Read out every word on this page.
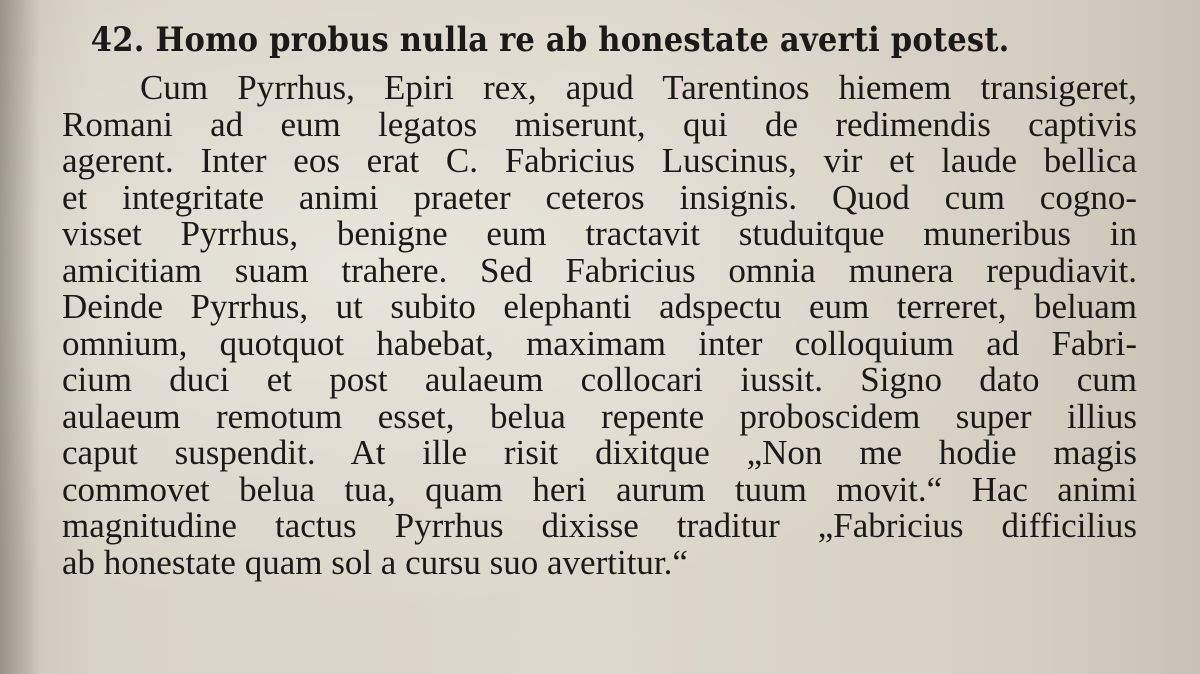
42. Homo probus nulla re ab honestate averti potest.
Cum Pyrrhus, Epiri rex, apud Tarentinos hiemem transigeret,
Romani ad eum legatos miserunt, qui de redimendis captivis
agerent. Inter eos erat C. Fabricius Luscinus, vir et laude bellica
et integritate animi praeter ceteros insignis. Quod cum cogno-
visset Pyrrhus, benigne eum tractavit studuitque muneribus in
amicitiam suam trahere. Sed Fabricius omnia munera repudiavit.
Deinde Pyrrhus, ut subito elephanti adspectu eum terreret, beluam
omnium, quotquot habebat, maximam inter colloquium ad Fabri-
cium duci et post aulaeum collocari iussit. Signo dato cum
aulaeum remotum esset, belua repente proboscidem super illius
caput suspendit. At ille risit dixitque „Non me hodie magis
commovet belua tua, quam heri aurum tuum movit.“ Hac animi
magnitudine tactus Pyrrhus dixisse traditur „Fabricius difficilius
ab honestate quam sol a cursu suo avertitur.“
